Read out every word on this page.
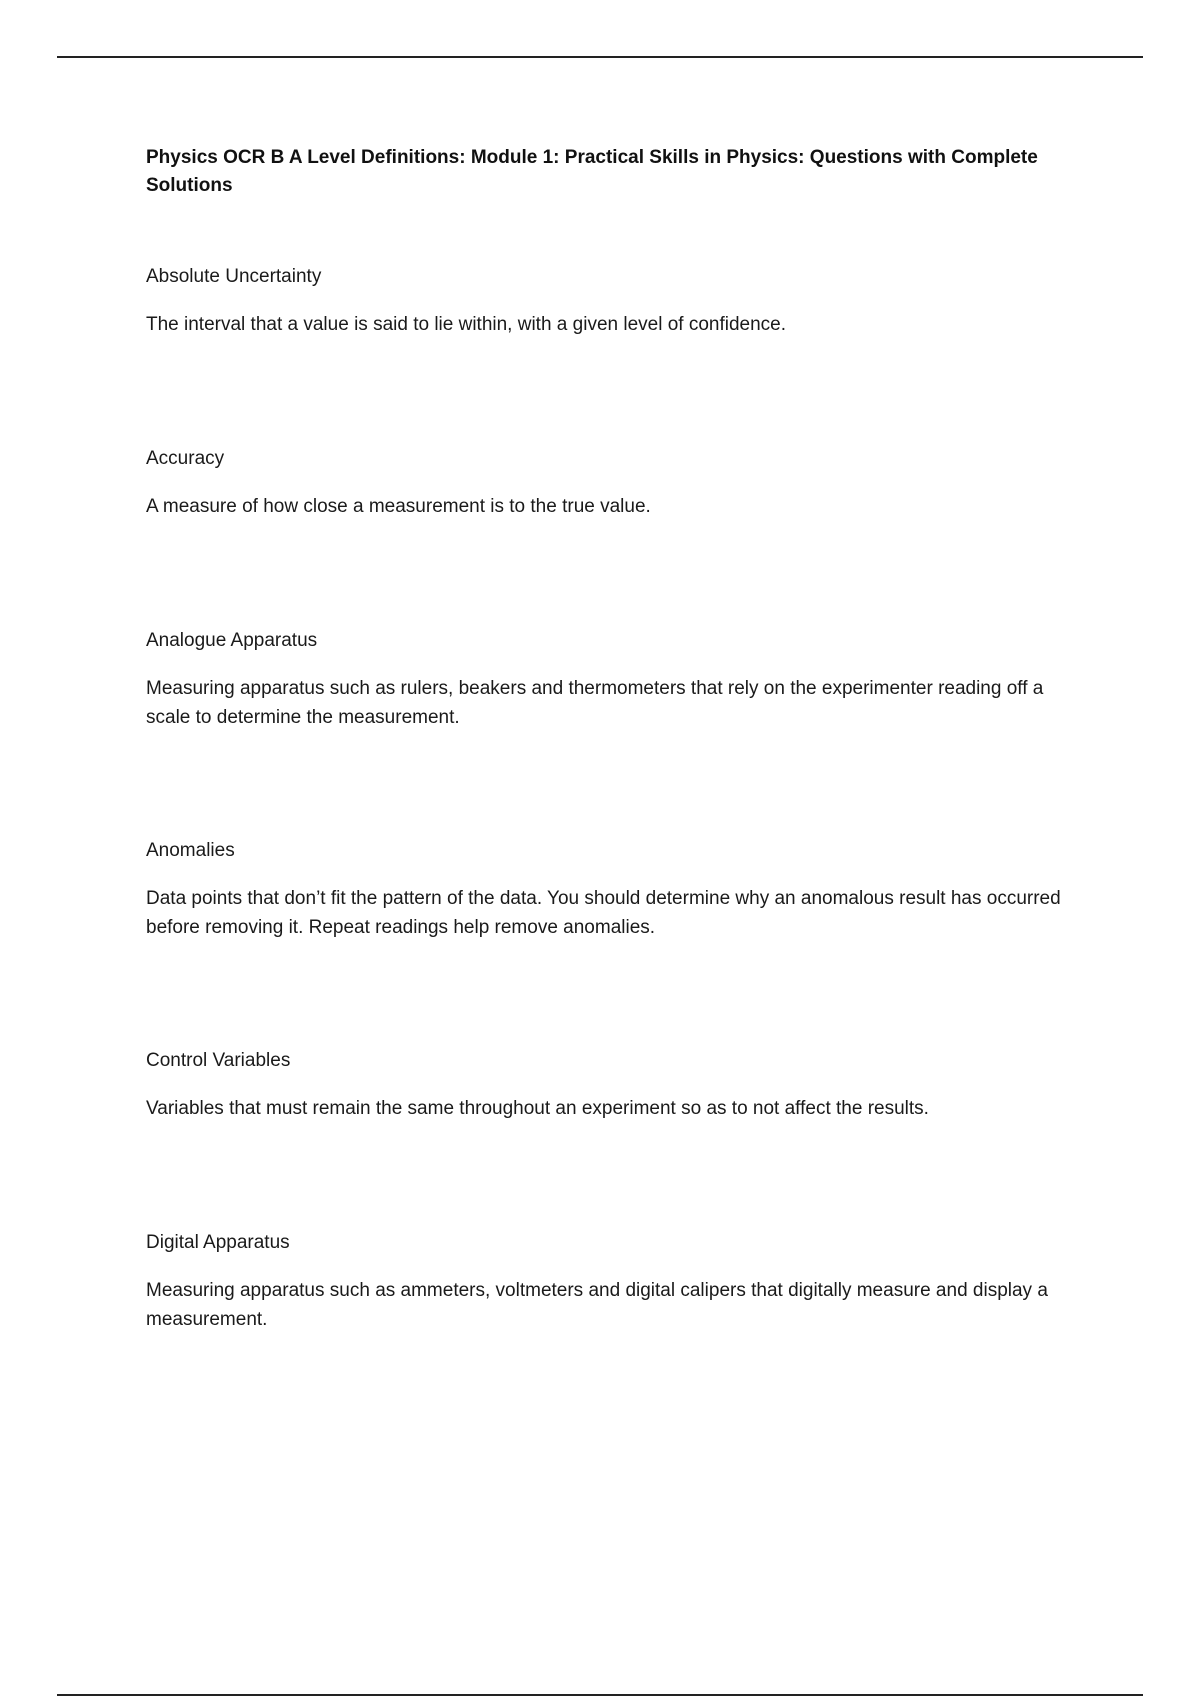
Physics OCR B A Level Definitions: Module 1: Practical Skills in Physics: Questions with Complete Solutions

Absolute Uncertainty

The interval that a value is said to lie within, with a given level of confidence.

Accuracy

A measure of how close a measurement is to the true value.

Analogue Apparatus

Measuring apparatus such as rulers, beakers and thermometers that rely on the experimenter reading off a scale to determine the measurement.

Anomalies

Data points that don’t fit the pattern of the data. You should determine why an anomalous result has occurred before removing it. Repeat readings help remove anomalies.

Control Variables

Variables that must remain the same throughout an experiment so as to not affect the results.

Digital Apparatus

Measuring apparatus such as ammeters, voltmeters and digital calipers that digitally measure and display a measurement.
